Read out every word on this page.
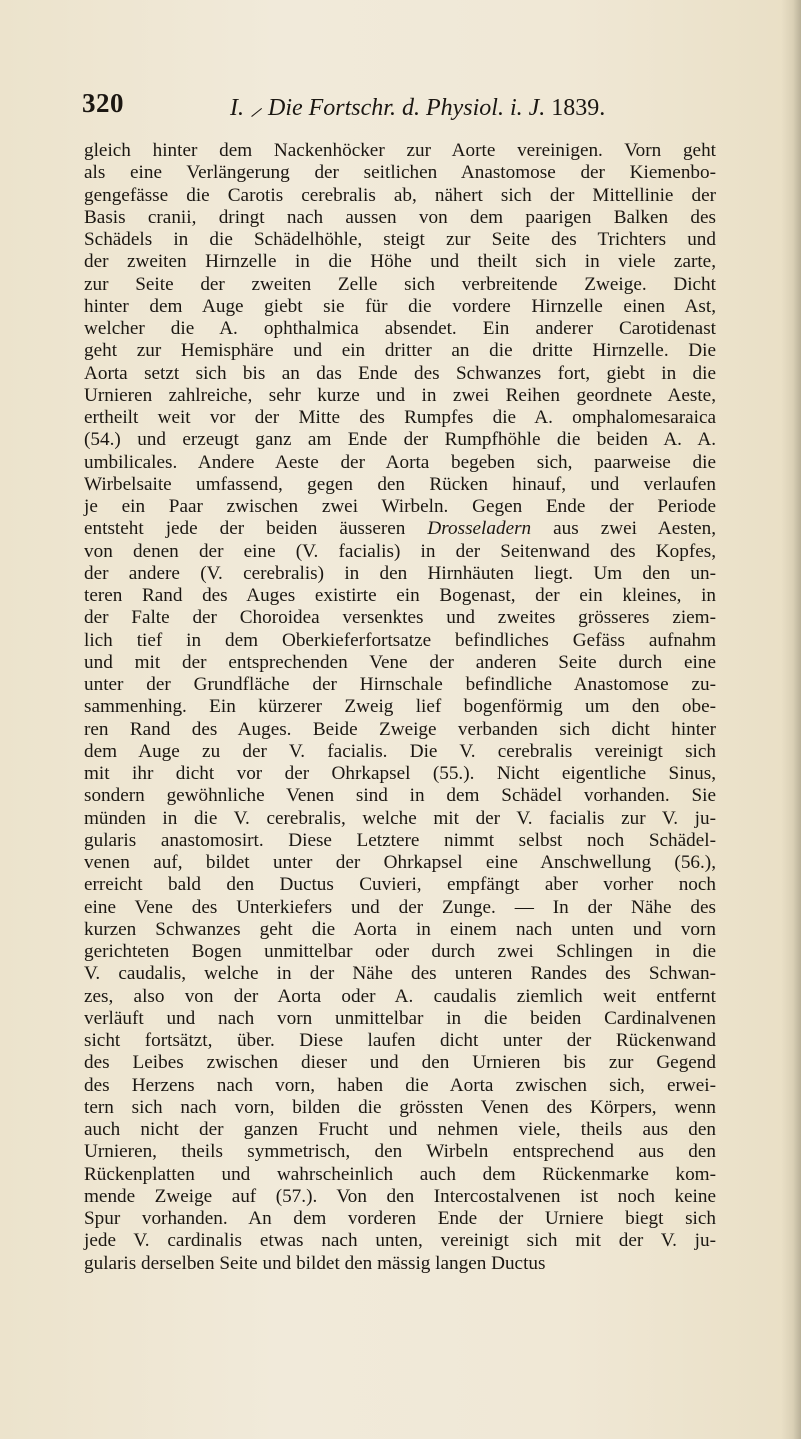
320	I. ⸝ Die Fortschr. d. Physiol. i. J. 1839.
gleich hinter dem Nackenhöcker zur Aorte vereinigen. Vorn geht
als eine Verlängerung der seitlichen Anastomose der Kiemenbo-
gengefässe die Carotis cerebralis ab, nähert sich der Mittellinie der
Basis cranii, dringt nach aussen von dem paarigen Balken des
Schädels in die Schädelhöhle, steigt zur Seite des Trichters und
der zweiten Hirnzelle in die Höhe und theilt sich in viele zarte,
zur Seite der zweiten Zelle sich verbreitende Zweige. Dicht
hinter dem Auge giebt sie für die vordere Hirnzelle einen Ast,
welcher die A. ophthalmica absendet. Ein anderer Carotidenast
geht zur Hemisphäre und ein dritter an die dritte Hirnzelle. Die
Aorta setzt sich bis an das Ende des Schwanzes fort, giebt in die
Urnieren zahlreiche, sehr kurze und in zwei Reihen geordnete Aeste,
ertheilt weit vor der Mitte des Rumpfes die A. omphalomesaraica
(54.) und erzeugt ganz am Ende der Rumpfhöhle die beiden A. A.
umbilicales. Andere Aeste der Aorta begeben sich, paarweise die
Wirbelsaite umfassend, gegen den Rücken hinauf, und verlaufen
je ein Paar zwischen zwei Wirbeln. Gegen Ende der Periode
entsteht jede der beiden äusseren Drosseladern aus zwei Aesten,
von denen der eine (V. facialis) in der Seitenwand des Kopfes,
der andere (V. cerebralis) in den Hirnhäuten liegt. Um den un-
teren Rand des Auges existirte ein Bogenast, der ein kleines, in
der Falte der Choroidea versenktes und zweites grösseres ziem-
lich tief in dem Oberkieferfortsatze befindliches Gefäss aufnahm
und mit der entsprechenden Vene der anderen Seite durch eine
unter der Grundfläche der Hirnschale befindliche Anastomose zu-
sammenhing. Ein kürzerer Zweig lief bogenförmig um den obe-
ren Rand des Auges. Beide Zweige verbanden sich dicht hinter
dem Auge zu der V. facialis. Die V. cerebralis vereinigt sich
mit ihr dicht vor der Ohrkapsel (55.). Nicht eigentliche Sinus,
sondern gewöhnliche Venen sind in dem Schädel vorhanden. Sie
münden in die V. cerebralis, welche mit der V. facialis zur V. ju-
gularis anastomosirt. Diese Letztere nimmt selbst noch Schädel-
venen auf, bildet unter der Ohrkapsel eine Anschwellung (56.),
erreicht bald den Ductus Cuvieri, empfängt aber vorher noch
eine Vene des Unterkiefers und der Zunge. — In der Nähe des
kurzen Schwanzes geht die Aorta in einem nach unten und vorn
gerichteten Bogen unmittelbar oder durch zwei Schlingen in die
V. caudalis, welche in der Nähe des unteren Randes des Schwan-
zes, also von der Aorta oder A. caudalis ziemlich weit entfernt
verläuft und nach vorn unmittelbar in die beiden Cardinalvenen
sicht fortsätzt, über. Diese laufen dicht unter der Rückenwand
des Leibes zwischen dieser und den Urnieren bis zur Gegend
des Herzens nach vorn, haben die Aorta zwischen sich, erwei-
tern sich nach vorn, bilden die grössten Venen des Körpers, wenn
auch nicht der ganzen Frucht und nehmen viele, theils aus den
Urnieren, theils symmetrisch, den Wirbeln entsprechend aus den
Rückenplatten und wahrscheinlich auch dem Rückenmarke kom-
mende Zweige auf (57.). Von den Intercostalvenen ist noch keine
Spur vorhanden. An dem vorderen Ende der Urniere biegt sich
jede V. cardinalis etwas nach unten, vereinigt sich mit der V. ju-
gularis derselben Seite und bildet den mässig langen Ductus
